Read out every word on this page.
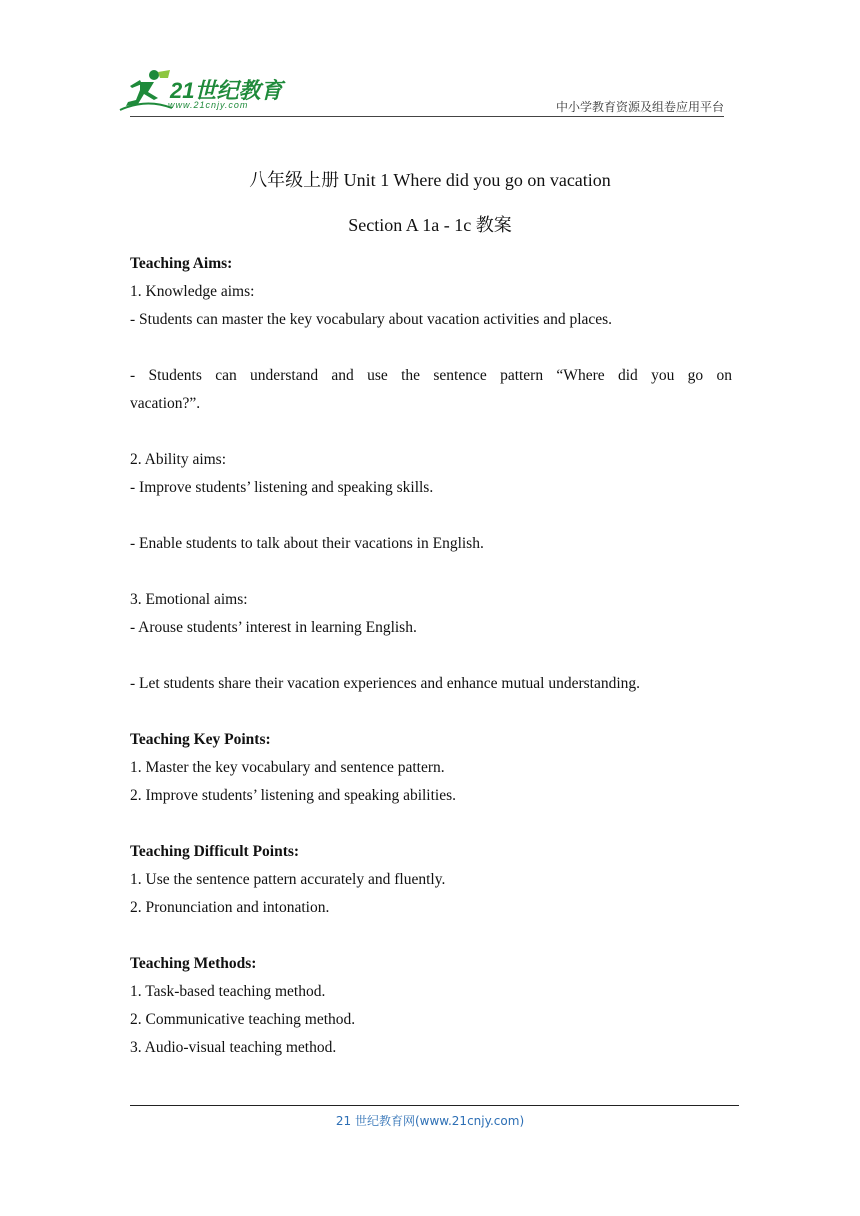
21世纪教育
www.21cnjy.com	中小学教育资源及组卷应用平台
八年级上册 Unit 1 Where did you go on vacation
Section A 1a - 1c 教案

Teaching Aims:

1. Knowledge aims:

- Students can master the key vocabulary about vacation activities and places.

- Students can understand and use the sentence pattern “Where did you go on

vacation?”.

2. Ability aims:

- Improve students’ listening and speaking skills.

- Enable students to talk about their vacations in English.

3. Emotional aims:

- Arouse students’ interest in learning English.

- Let students share their vacation experiences and enhance mutual understanding.

Teaching Key Points:

1. Master the key vocabulary and sentence pattern.

2. Improve students’ listening and speaking abilities.

Teaching Difficult Points:

1. Use the sentence pattern accurately and fluently.

2. Pronunciation and intonation.

Teaching Methods:

1. Task-based teaching method.

2. Communicative teaching method.

3. Audio-visual teaching method.

21 世纪教育网(www.21cnjy.com)
